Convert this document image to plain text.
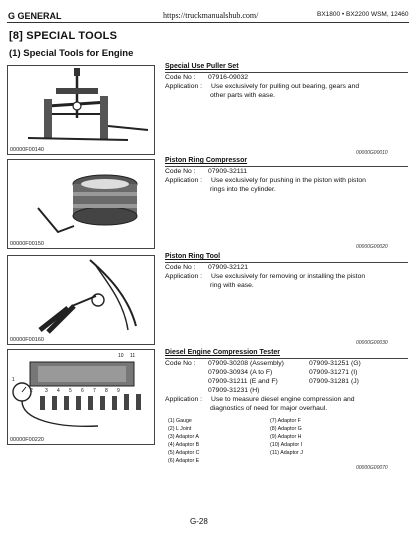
G GENERAL	https://truckmanualshub.com/	BX1800 • BX2200 WSM, 12460
[8] SPECIAL TOOLS
(1) Special Tools for Engine
00000F00140
Special Use Puller Set
Code No : 07916-09032
Application : Use exclusively for pulling out bearing, gears and
other parts with ease.
00000G00010
00000F00150
Piston Ring Compressor
Code No : 07909-32111
Application : Use exclusively for pushing in the piston with piston
rings into the cylinder.
00000G00020
00000F00160
Piston Ring Tool
Code No : 07909-32121
Application : Use exclusively for removing or installing the piston
ring with ease.
00000G00030
10 11
1
2 3 4 5 6 7 8 9
00000F00220
Diesel Engine Compression Tester
Code No : 07909-30208 (Assembly)	07909-31251 (G)
07909-30934 (A to F)	07909-31271 (I)
07909-31211 (E and F)	07909-31281 (J)
07909-31231 (H)
Application : Use to measure diesel engine compression and
diagnostics of need for major overhaul.
(1) Gauge
(2) L Joint
(3) Adaptor A
(4) Adaptor B
(5) Adaptor C
(6) Adaptor E
(7) Adaptor F
(8) Adaptor G
(9) Adaptor H
(10) Adaptor I
(11) Adaptor J
00000G00070
G-28
